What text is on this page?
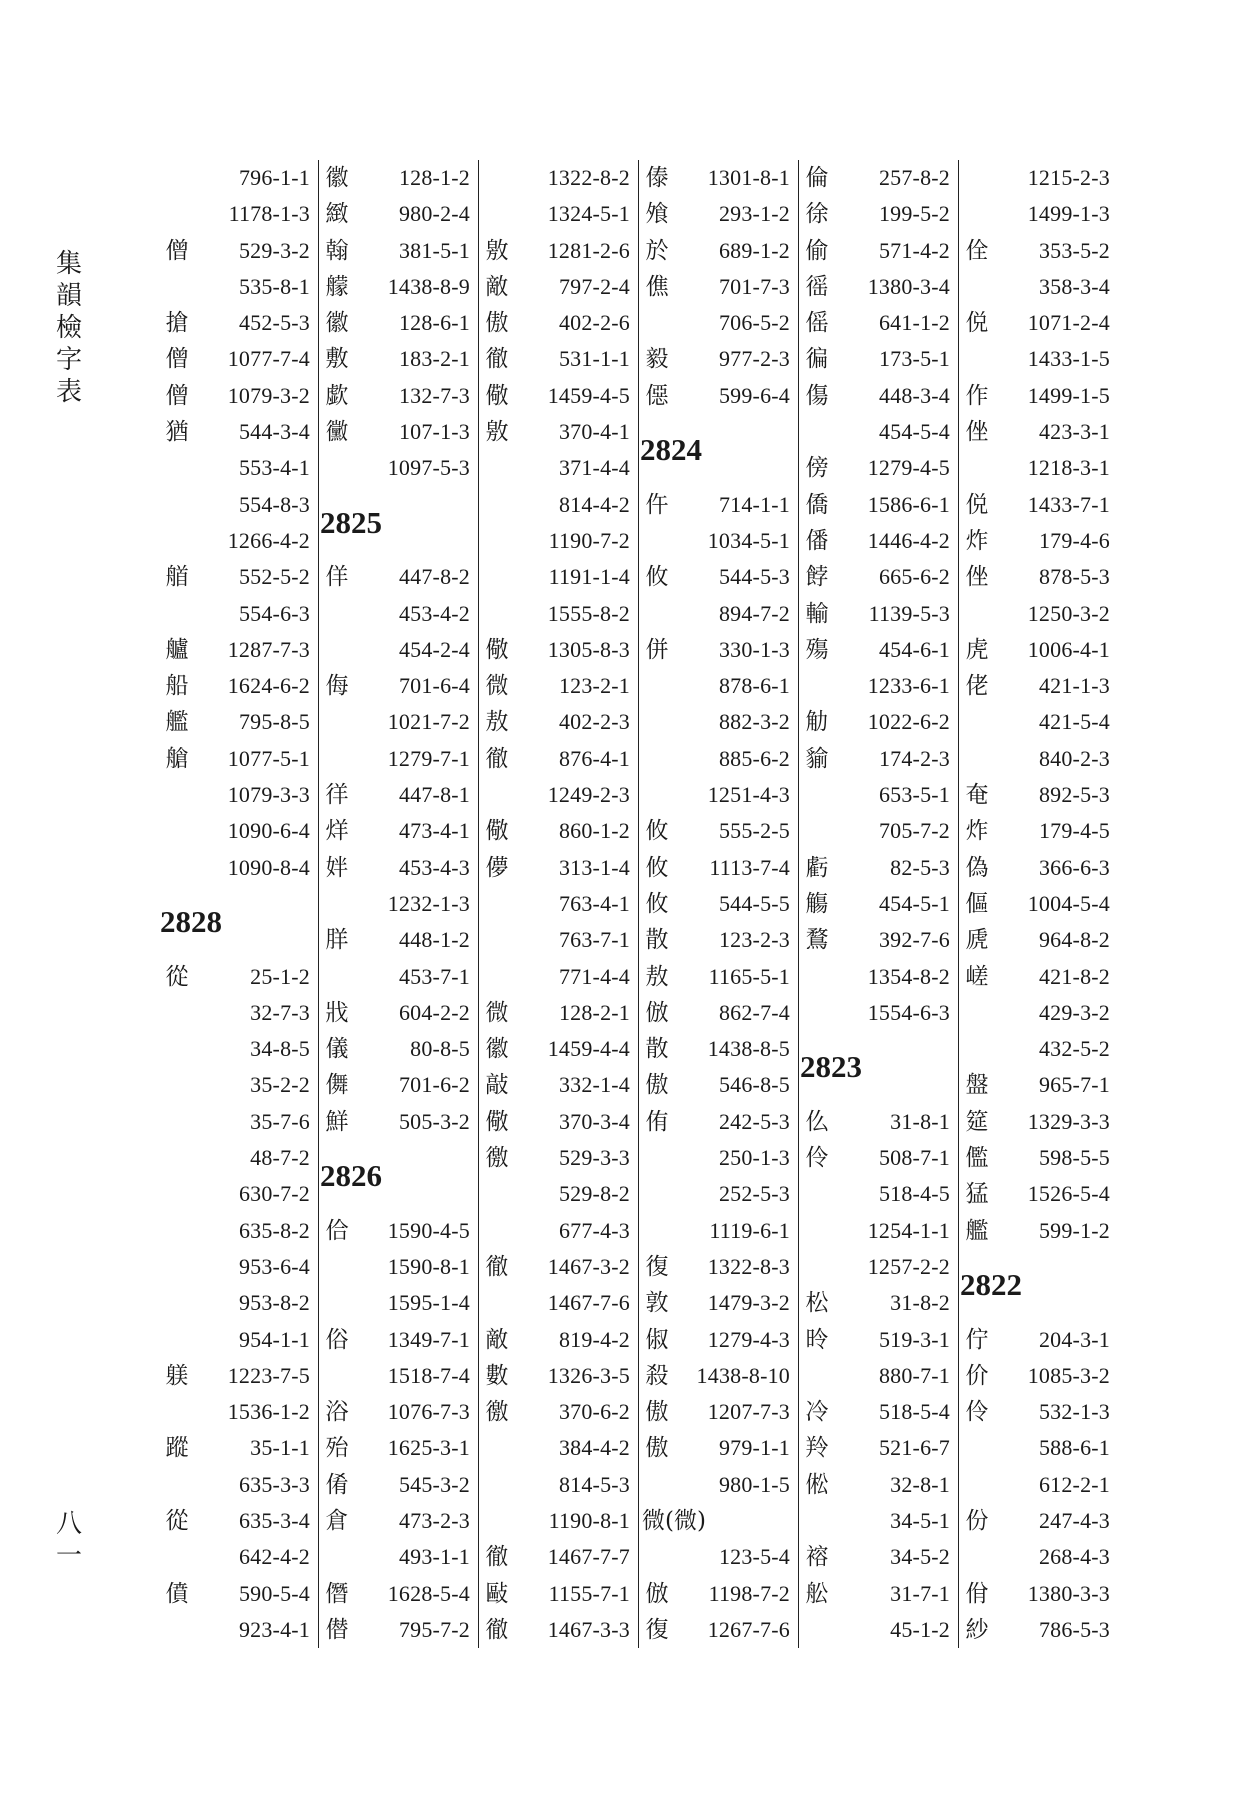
集
韻
檢
字
表
796-1-1
1178-1-3
僧 529-3-2
535-8-1
搶 452-5-3
僧 1077-7-4
僧 1079-3-2
猶 544-3-4
553-4-1
554-8-3
1266-4-2
艏 552-5-2
554-6-3
艫 1287-7-3
船 1624-6-2
艦 795-8-5
艙 1077-5-1
1079-3-3
1090-6-4
1090-8-4
2828
從	25-1-2
32-7-3
34-8-5
35-2-2
35-7-6
48-7-2
630-7-2
635-8-2
953-6-4
953-8-2
954-1-1
躾 1223-7-5
1536-1-2
蹤	35-1-1
635-3-3
從 635-3-4
642-4-2
僨 590-5-4
923-4-1
徽 128-1-2
緻 980-2-4
翰 381-5-1
艨 1438-8-9
徽 128-6-1
敷 183-2-1
歔 132-7-3
黴 107-1-3
1097-5-3
2825
佯 447-8-2
453-4-2
454-2-4
侮 701-6-4
1021-7-2
1279-7-1
徉 447-8-1
烊 473-4-1
姅 453-4-3
1232-1-3
羘 448-1-2
453-7-1
戕 604-2-2
儀	80-8-5
儛 701-6-2
鮮 505-3-2
2826
佮 1590-4-5
1590-8-1
1595-1-4
俗 1349-7-1
1518-7-4
浴 1076-7-3
殆 1625-3-1
倄 545-3-2
倉 473-2-3
493-1-1
僭 1628-5-4
僣 795-7-2
1322-8-2
1324-5-1
敫 1281-2-6
敵 797-2-4
傲 402-2-6
徹 531-1-1
儆 1459-4-5
敫 370-4-1
371-4-4
814-4-2
1190-7-2
1191-1-4
1555-8-2
儆 1305-8-3
微 123-2-1
敖 402-2-3
徹 876-4-1
1249-2-3
儆 860-1-2
儚 313-1-4
763-4-1
763-7-1
771-4-4
微 128-2-1
徽 1459-4-4
敲 332-1-4
儆 370-3-4
徼 529-3-3
529-8-2
677-4-3
徹 1467-3-2
1467-7-6
敵 819-4-2
數 1326-3-5
徼 370-6-2
384-4-2
814-5-3
1190-8-1
徹 1467-7-7
敺 1155-7-1
徹 1467-3-3
傣 1301-8-1
飧 293-1-2
於 689-1-2
僬 701-7-3
706-5-2
毅 977-2-3
僫 599-6-4
2824
仵 714-1-1
1034-5-1
攸 544-5-3
894-7-2
併 330-1-3
878-6-1
882-3-2
885-6-2
1251-4-3
攸 555-2-5
攸 1113-7-4
攸 544-5-5
散 123-2-3
敖 1165-5-1
倣 862-7-4
散 1438-8-5
傲 546-8-5
侑 242-5-3
250-1-3
252-5-3
1119-6-1
復 1322-8-3
敦 1479-3-2
俶 1279-4-3
殺 1438-8-10
傲 1207-7-3
傲 979-1-1
980-1-5
微(微)
123-5-4
倣 1198-7-2
復 1267-7-6
倫 257-8-2
徐 199-5-2
偷 571-4-2
徭 1380-3-4
傜 641-1-2
徧 173-5-1
傷 448-3-4
454-5-4
傍 1279-4-5
僑 1586-6-1
僠 1446-4-2
餑 665-6-2
輸 1139-5-3
殤 454-6-1
1233-6-1
觔 1022-6-2
貐 174-2-3
653-5-1
705-7-2
虧	82-5-3
觴 454-5-1
鶩 392-7-6
1354-8-2
1554-6-3
2823
仫	31-8-1
伶 508-7-1
518-4-5
1254-1-1
1257-2-2
松	31-8-2
昤 519-3-1
880-7-1
冷 518-5-4
羚 521-6-7
倯	32-8-1
34-5-1
褣	34-5-2
舩	31-7-1
45-1-2
1215-2-3
1499-1-3
佺 353-5-2
358-3-4
侻 1071-2-4
1433-1-5
作 1499-1-5
侳 423-3-1
1218-3-1
侻 1433-7-1
炸 179-4-6
侳 878-5-3
1250-3-2
虎 1006-4-1
佬 421-1-3
421-5-4
840-2-3
奄 892-5-3
炸 179-4-5
偽 366-6-3
傴 1004-5-4
虒 964-8-2
嵯 421-8-2
429-3-2
432-5-2
盤 965-7-1
筵 1329-3-3
儖 598-5-5
猛 1526-5-4
艦 599-1-2
2822
佇 204-3-1
价 1085-3-2
伶 532-1-3
588-6-1
612-2-1
份 247-4-3
268-4-3
佾 1380-3-3
紗 786-5-3
八
一
